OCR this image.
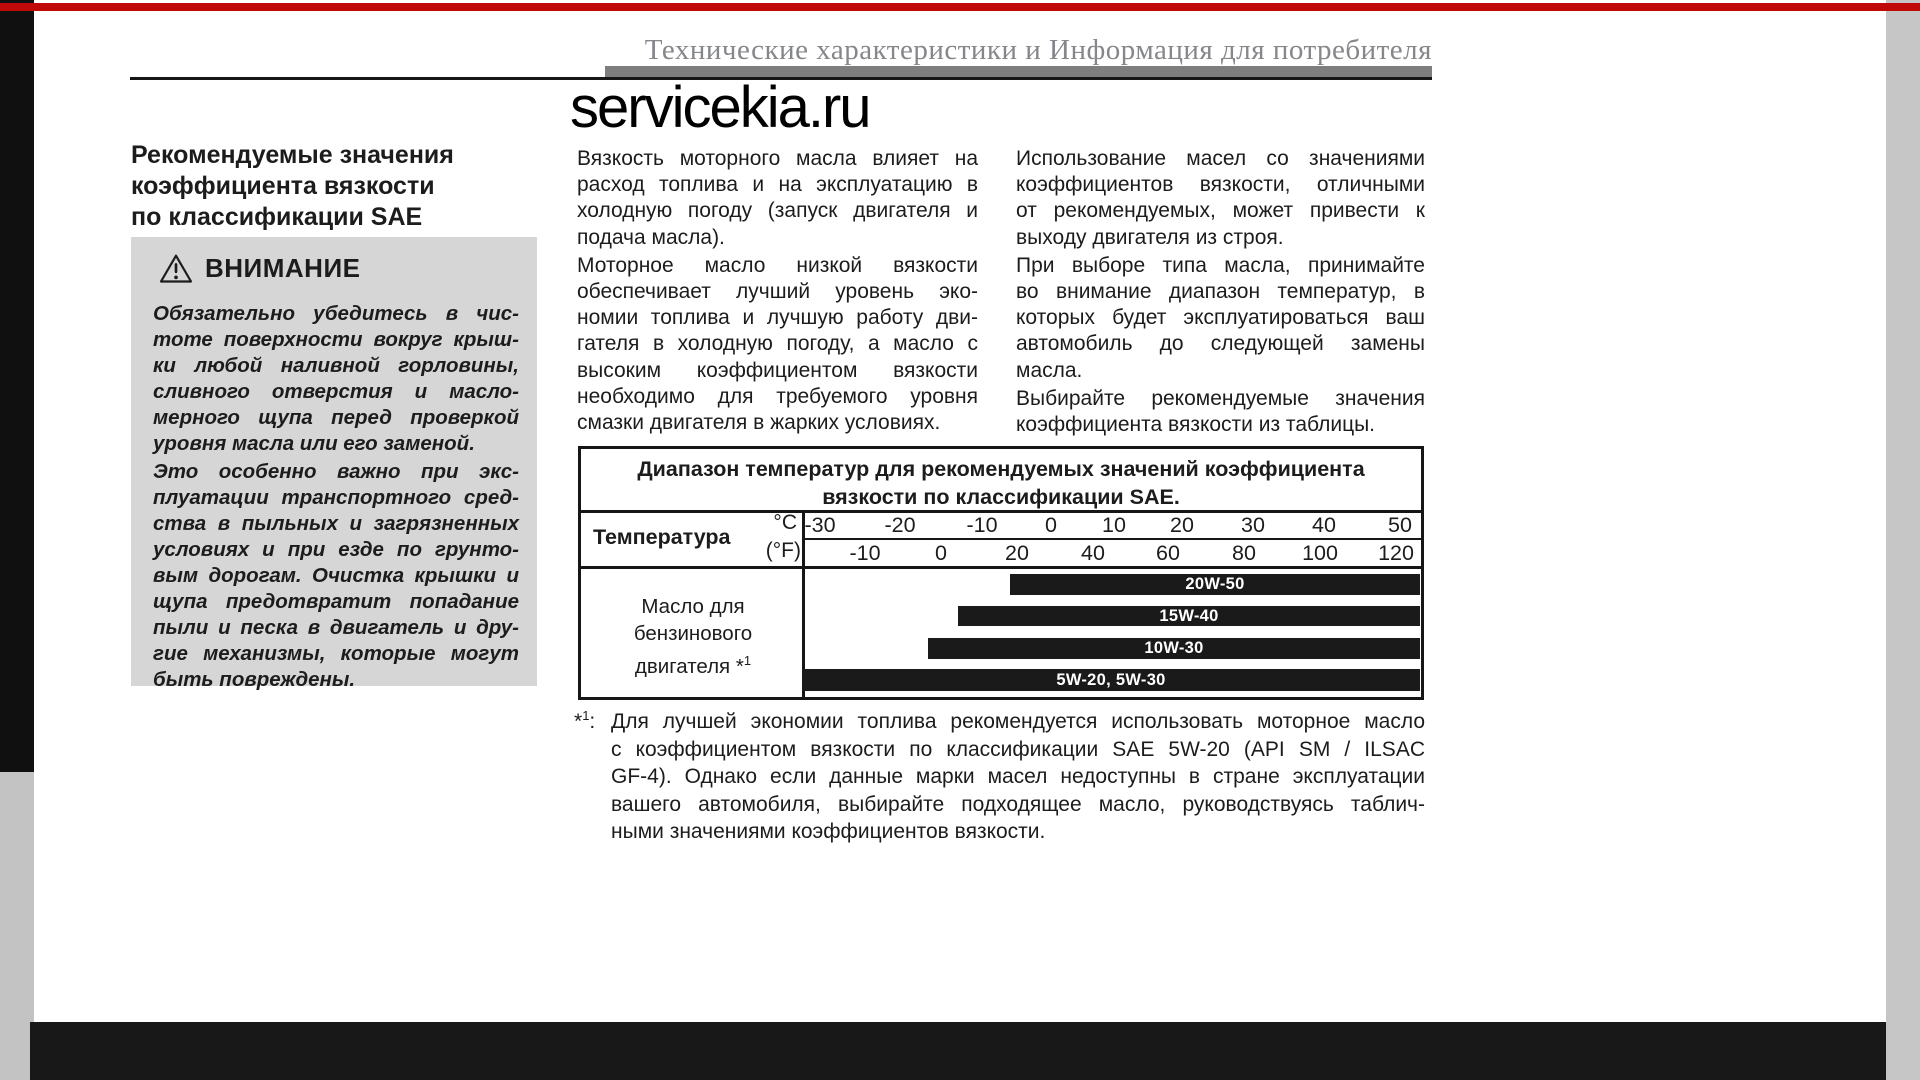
Технические характеристики и Информация для потребителя
servicekia.ru
Рекомендуемые значения
коэффициента вязкости
по классификации SAE
ВНИМАНИЕ
Обязательно убедитесь в чис-
тоте поверхности вокруг крыш-
ки любой наливной горловины,
сливного отверстия и масло-
мерного щупа перед проверкой
уровня масла или его заменой.
Это особенно важно при экс-
плуатации транспортного сред-
ства в пыльных и загрязненных
условиях и при езде по грунто-
вым дорогам. Очистка крышки и
щупа предотвратит попадание
пыли и песка в двигатель и дру-
гие механизмы, которые могут
быть повреждены.
Вязкость моторного масла влияет на
расход топлива и на эксплуатацию в
холодную погоду (запуск двигателя и
подача масла).
Моторное масло низкой вязкости
обеспечивает лучший уровень эко-
номии топлива и лучшую работу дви-
гателя в холодную погоду, а масло с
высоким коэффициентом вязкости
необходимо для требуемого уровня
смазки двигателя в жарких условиях.
Использование масел со значениями
коэффициентов вязкости, отличными
от рекомендуемых, может привести к
выходу двигателя из строя.
При выборе типа масла, принимайте
во внимание диапазон температур, в
которых будет эксплуатироваться ваш
автомобиль до следующей замены
масла.
Выбирайте рекомендуемые значения
коэффициента вязкости из таблицы.
Диапазон температур для рекомендуемых значений коэффициента
вязкости по классификации SAE.
Температура
°C
(°F)
Масло для
бензинового
двигателя *$^1$
*$^1$: Для лучшей экономии топлива рекомендуется использовать моторное масло
с коэффициентом вязкости по классификации SAE 5W-20 (API SM / ILSAC
GF-4). Однако если данные марки масел недоступны в стране эксплуатации
вашего автомобиля, выбирайте подходящее масло, руководствуясь таблич-
ными значениями коэффициентов вязкости.
-30 -20 -10 0 10 20 30 40 50
-10	0	20 40 60 80 100 120
20W-50
15W-40
10W-30
5W-20, 5W-30
